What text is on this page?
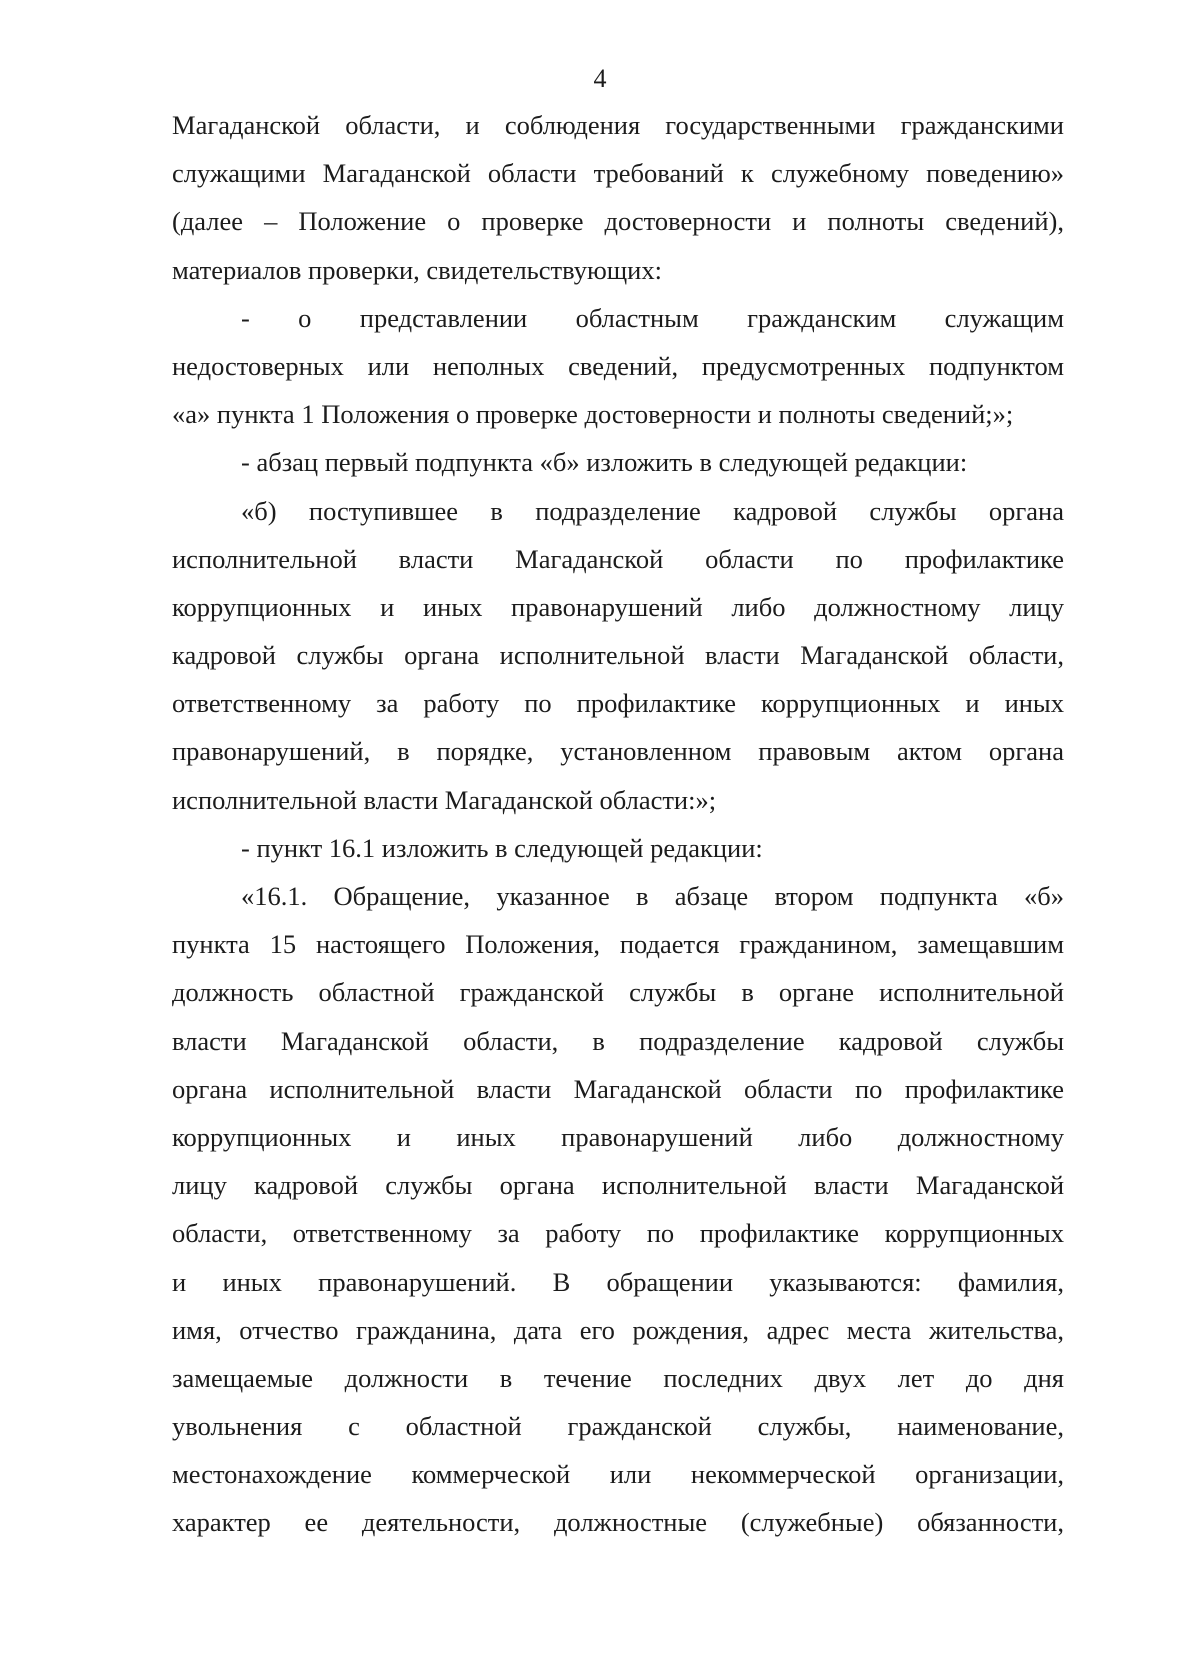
4
Магаданской области, и соблюдения государственными гражданскими
служащими Магаданской области требований к служебному поведению»
(далее – Положение о проверке достоверности и полноты сведений),
материалов проверки, свидетельствующих:
- о представлении областным гражданским служащим
недостоверных или неполных сведений, предусмотренных подпунктом
«а» пункта 1 Положения о проверке достоверности и полноты сведений;»;
- абзац первый подпункта «б» изложить в следующей редакции:
«б) поступившее в подразделение кадровой службы органа
исполнительной власти Магаданской области по профилактике
коррупционных и иных правонарушений либо должностному лицу
кадровой службы органа исполнительной власти Магаданской области,
ответственному за работу по профилактике коррупционных и иных
правонарушений, в порядке, установленном правовым актом органа
исполнительной власти Магаданской области:»;
- пункт 16.1 изложить в следующей редакции:
«16.1. Обращение, указанное в абзаце втором подпункта «б»
пункта 15 настоящего Положения, подается гражданином, замещавшим
должность областной гражданской службы в органе исполнительной
власти Магаданской области, в подразделение кадровой службы
органа исполнительной власти Магаданской области по профилактике
коррупционных и иных правонарушений либо должностному
лицу кадровой службы органа исполнительной власти Магаданской
области, ответственному за работу по профилактике коррупционных
и иных правонарушений. В обращении указываются: фамилия,
имя, отчество гражданина, дата его рождения, адрес места жительства,
замещаемые должности в течение последних двух лет до дня
увольнения с областной гражданской службы, наименование,
местонахождение коммерческой или некоммерческой организации,
характер ее деятельности, должностные (служебные) обязанности,
